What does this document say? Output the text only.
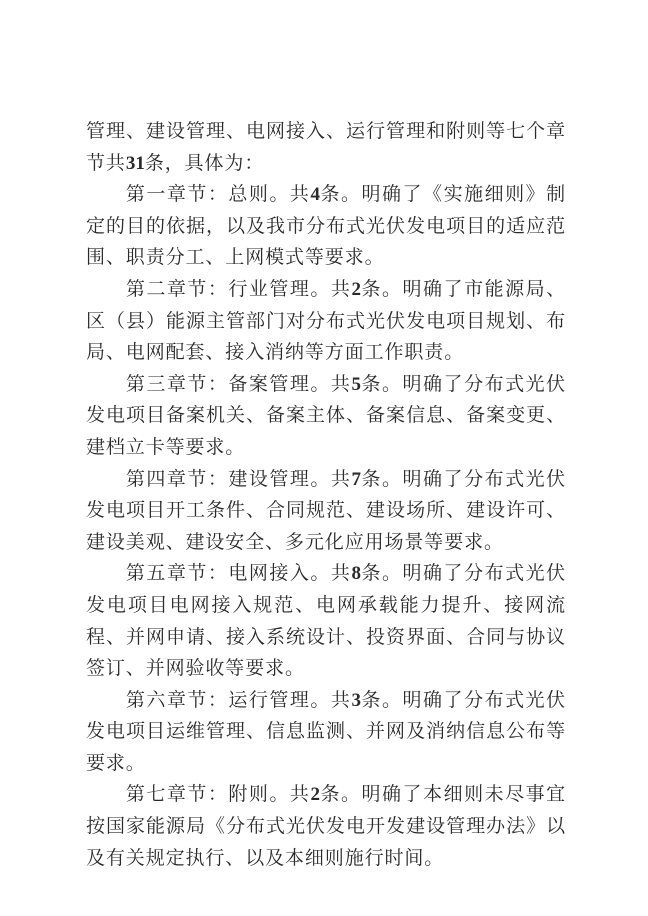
管理、建设管理、电网接入、运行管理和附则等七个章节共31条，具体为：

第一章节：总则。共4条。明确了《实施细则》制定的目的依据，以及我市分布式光伏发电项目的适应范围、职责分工、上网模式等要求。

第二章节：行业管理。共2条。明确了市能源局、区（县）能源主管部门对分布式光伏发电项目规划、布局、电网配套、接入消纳等方面工作职责。

第三章节：备案管理。共5条。明确了分布式光伏发电项目备案机关、备案主体、备案信息、备案变更、建档立卡等要求。

第四章节：建设管理。共7条。明确了分布式光伏发电项目开工条件、合同规范、建设场所、建设许可、建设美观、建设安全、多元化应用场景等要求。

第五章节：电网接入。共8条。明确了分布式光伏发电项目电网接入规范、电网承载能力提升、接网流程、并网申请、接入系统设计、投资界面、合同与协议签订、并网验收等要求。

第六章节：运行管理。共3条。明确了分布式光伏发电项目运维管理、信息监测、并网及消纳信息公布等要求。

第七章节：附则。共2条。明确了本细则未尽事宜按国家能源局《分布式光伏发电开发建设管理办法》以及有关规定执行、以及本细则施行时间。
